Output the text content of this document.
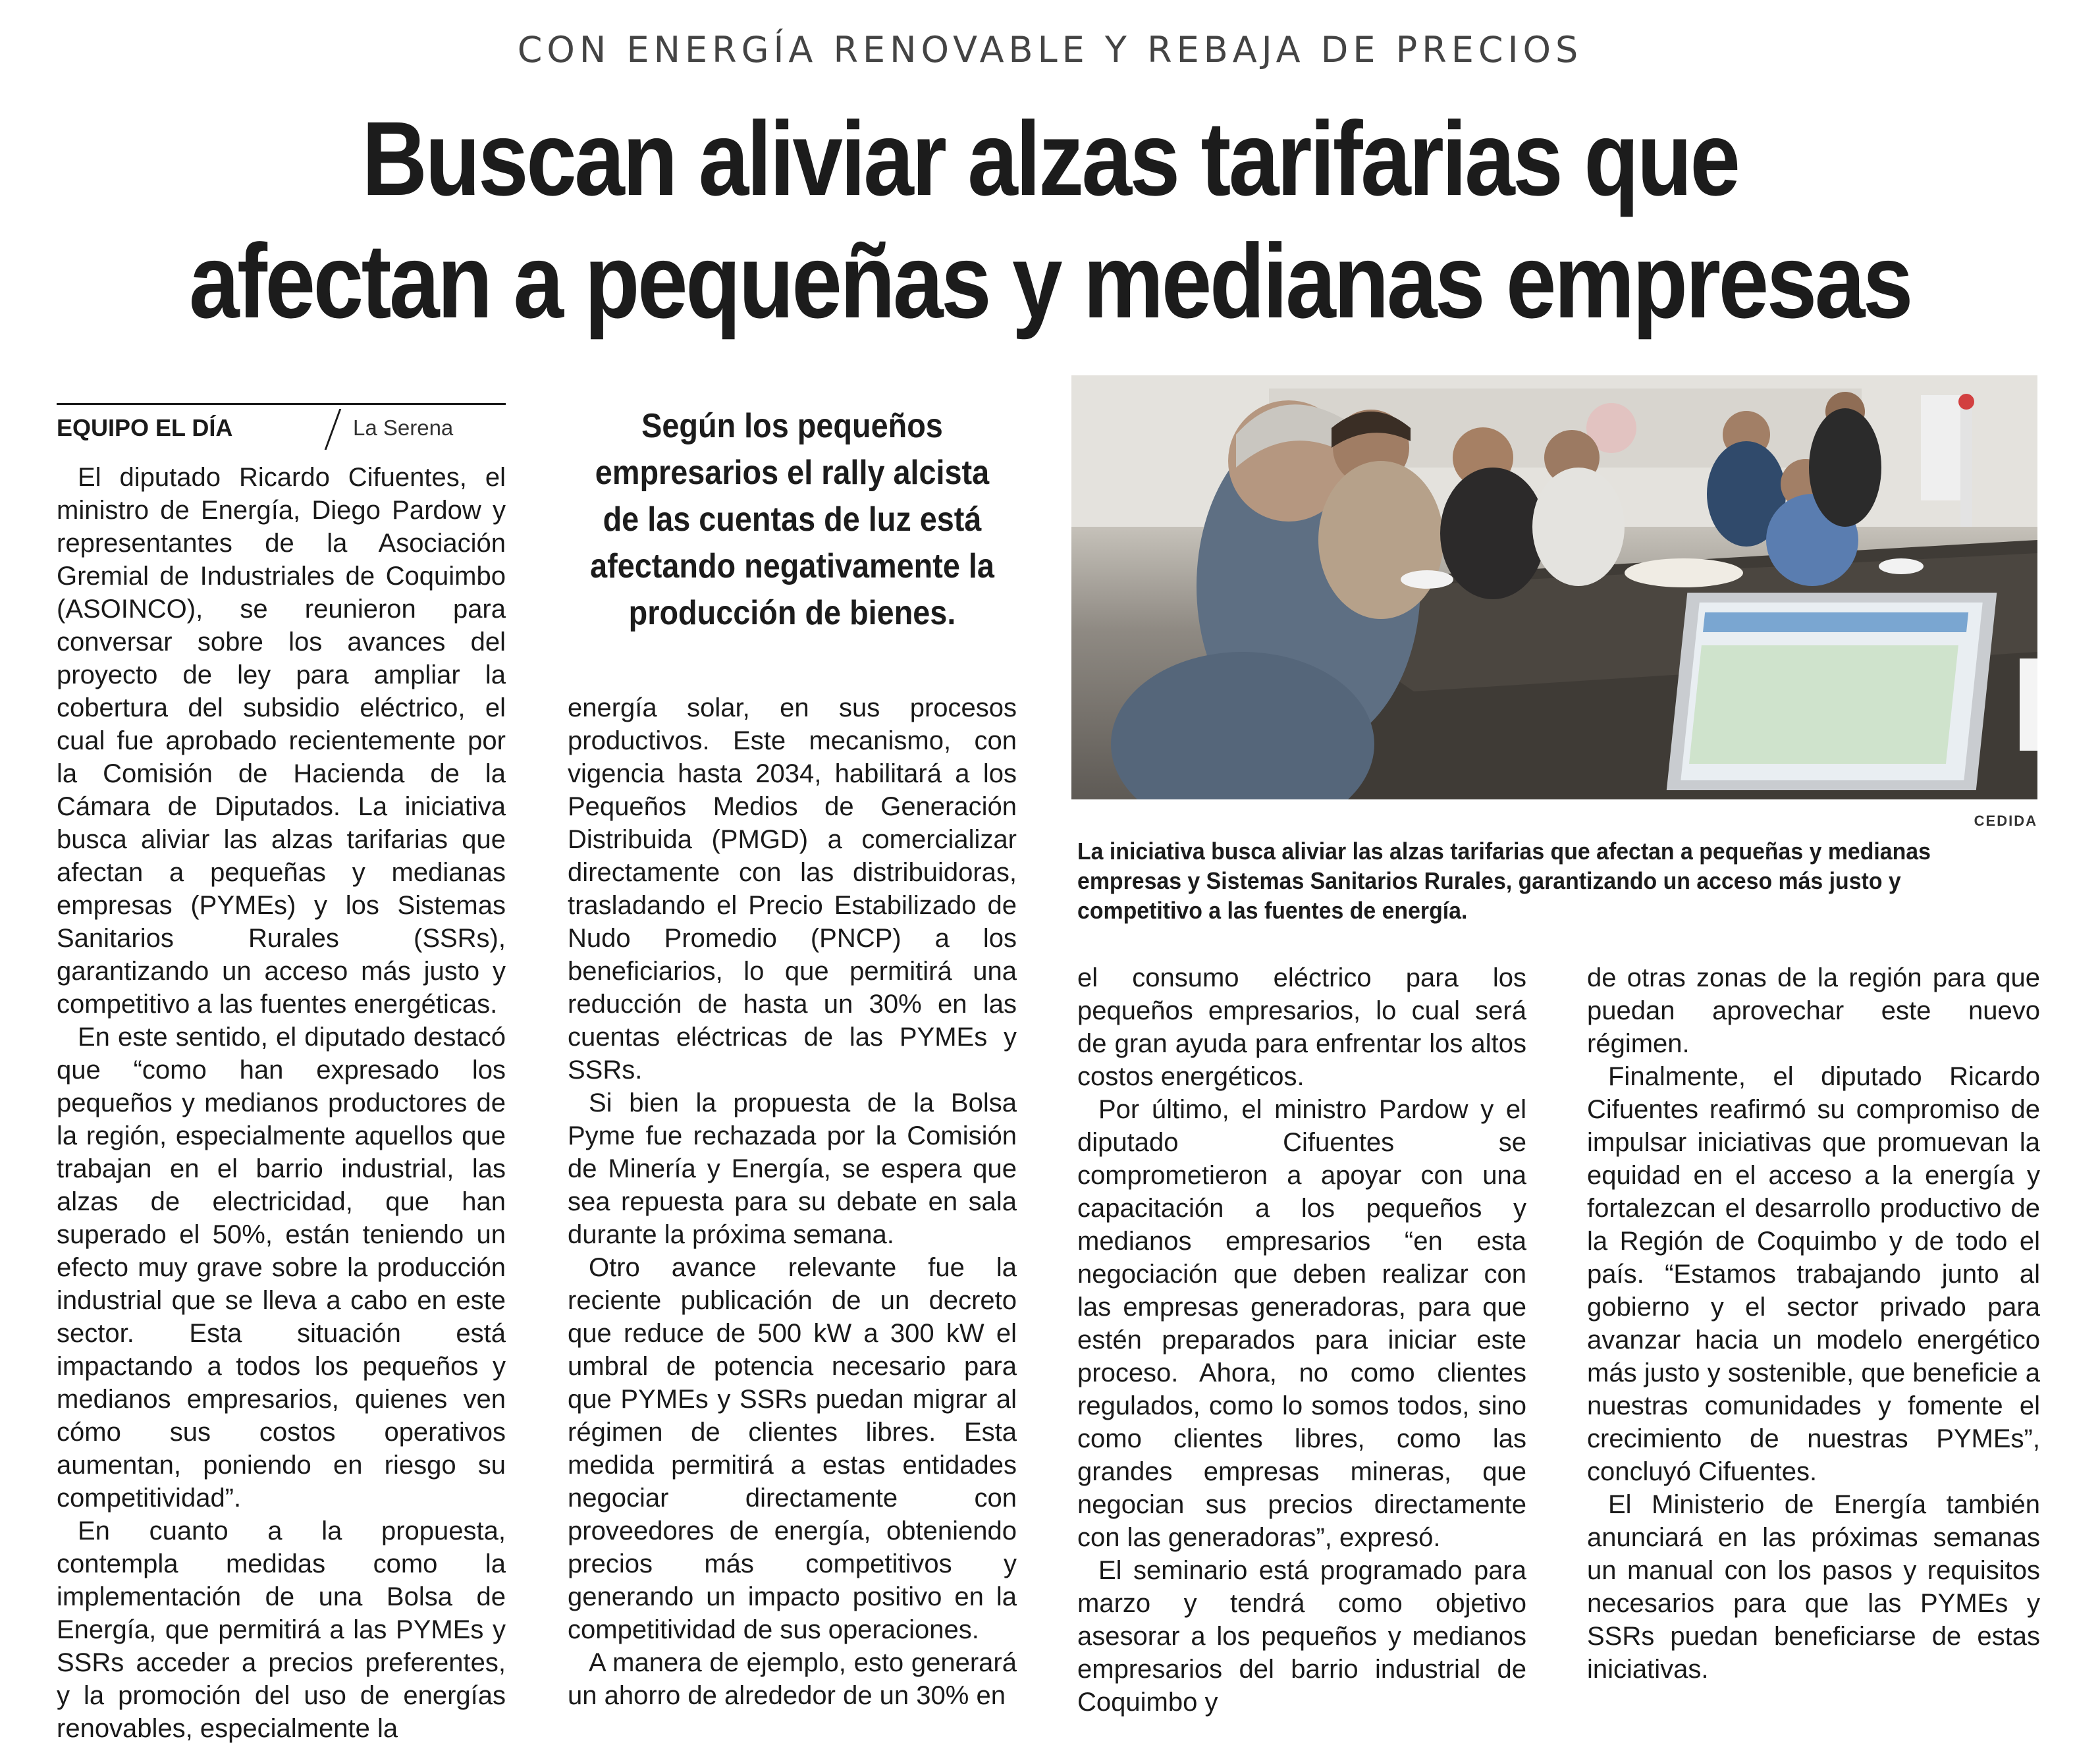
CON ENERGÍA RENOVABLE Y REBAJA DE PRECIOS
Buscan aliviar alzas tarifarias que
afectan a pequeñas y medianas empresas
EQUIPO EL DÍA	La Serena

El diputado Ricardo Cifuentes, el ministro de Energía, Diego Pardow y representantes de la Asociación Gremial de Industriales de Coquimbo (ASOINCO), se reunieron para conversar sobre los avances del proyecto de ley para ampliar la cobertura del subsidio eléctrico, el cual fue aprobado recientemente por la Comisión de Hacienda de la Cámara de Diputados. La iniciativa busca aliviar las alzas tarifarias que afectan a pequeñas y medianas empresas (PYMEs) y los Sistemas Sanitarios Rurales (SSRs), garantizando un acceso más justo y competitivo a las fuentes energéticas.

En este sentido, el diputado destacó que “como han expresado los pequeños y medianos productores de la región, especialmente aquellos que trabajan en el barrio industrial, las alzas de electricidad, que han superado el 50%, están teniendo un efecto muy grave sobre la producción industrial que se lleva a cabo en este sector. Esta situación está impactando a todos los pequeños y medianos empresarios, quienes ven cómo sus costos operativos aumentan, poniendo en riesgo su competitividad”.

En cuanto a la propuesta, contempla medidas como la implementación de una Bolsa de Energía, que permitirá a las PYMEs y SSRs acceder a precios preferentes, y la promoción del uso de energías renovables, especialmente la

Según los pequeños empresarios el rally alcista de las cuentas de luz está afectando negativamente la producción de bienes.

energía solar, en sus procesos productivos. Este mecanismo, con vigencia hasta 2034, habilitará a los Pequeños Medios de Generación Distribuida (PMGD) a comercializar directamente con las distribuidoras, trasladando el Precio Estabilizado de Nudo Promedio (PNCP) a los beneficiarios, lo que permitirá una reducción de hasta un 30% en las cuentas eléctricas de las PYMEs y SSRs.

Si bien la propuesta de la Bolsa Pyme fue rechazada por la Comisión de Minería y Energía, se espera que sea repuesta para su debate en sala durante la próxima semana.

Otro avance relevante fue la reciente publicación de un decreto que reduce de 500 kW a 300 kW el umbral de potencia necesario para que PYMEs y SSRs puedan migrar al régimen de clientes libres. Esta medida permitirá a estas entidades negociar directamente con proveedores de energía, obteniendo precios más competitivos y generando un impacto positivo en la competitividad de sus operaciones.

A manera de ejemplo, esto generará un ahorro de alrededor de un 30% en

CEDIDA
La iniciativa busca aliviar las alzas tarifarias que afectan a pequeñas y medianas empresas y Sistemas Sanitarios Rurales, garantizando un acceso más justo y competitivo a las fuentes de energía.

el consumo eléctrico para los pequeños empresarios, lo cual será de gran ayuda para enfrentar los altos costos energéticos.

Por último, el ministro Pardow y el diputado Cifuentes se comprometieron a apoyar con una capacitación a los pequeños y medianos empresarios “en esta negociación que deben realizar con las empresas generadoras, para que estén preparados para iniciar este proceso. Ahora, no como clientes regulados, como lo somos todos, sino como clientes libres, como las grandes empresas mineras, que negocian sus precios directamente con las generadoras”, expresó.

El seminario está programado para marzo y tendrá como objetivo asesorar a los pequeños y medianos empresarios del barrio industrial de Coquimbo y

de otras zonas de la región para que puedan aprovechar este nuevo régimen.

Finalmente, el diputado Ricardo Cifuentes reafirmó su compromiso de impulsar iniciativas que promuevan la equidad en el acceso a la energía y fortalezcan el desarrollo productivo de la Región de Coquimbo y de todo el país. “Estamos trabajando junto al gobierno y el sector privado para avanzar hacia un modelo energético más justo y sostenible, que beneficie a nuestras comunidades y fomente el crecimiento de nuestras PYMEs”, concluyó Cifuentes.

El Ministerio de Energía también anunciará en las próximas semanas un manual con los pasos y requisitos necesarios para que las PYMEs y SSRs puedan beneficiarse de estas iniciativas.
